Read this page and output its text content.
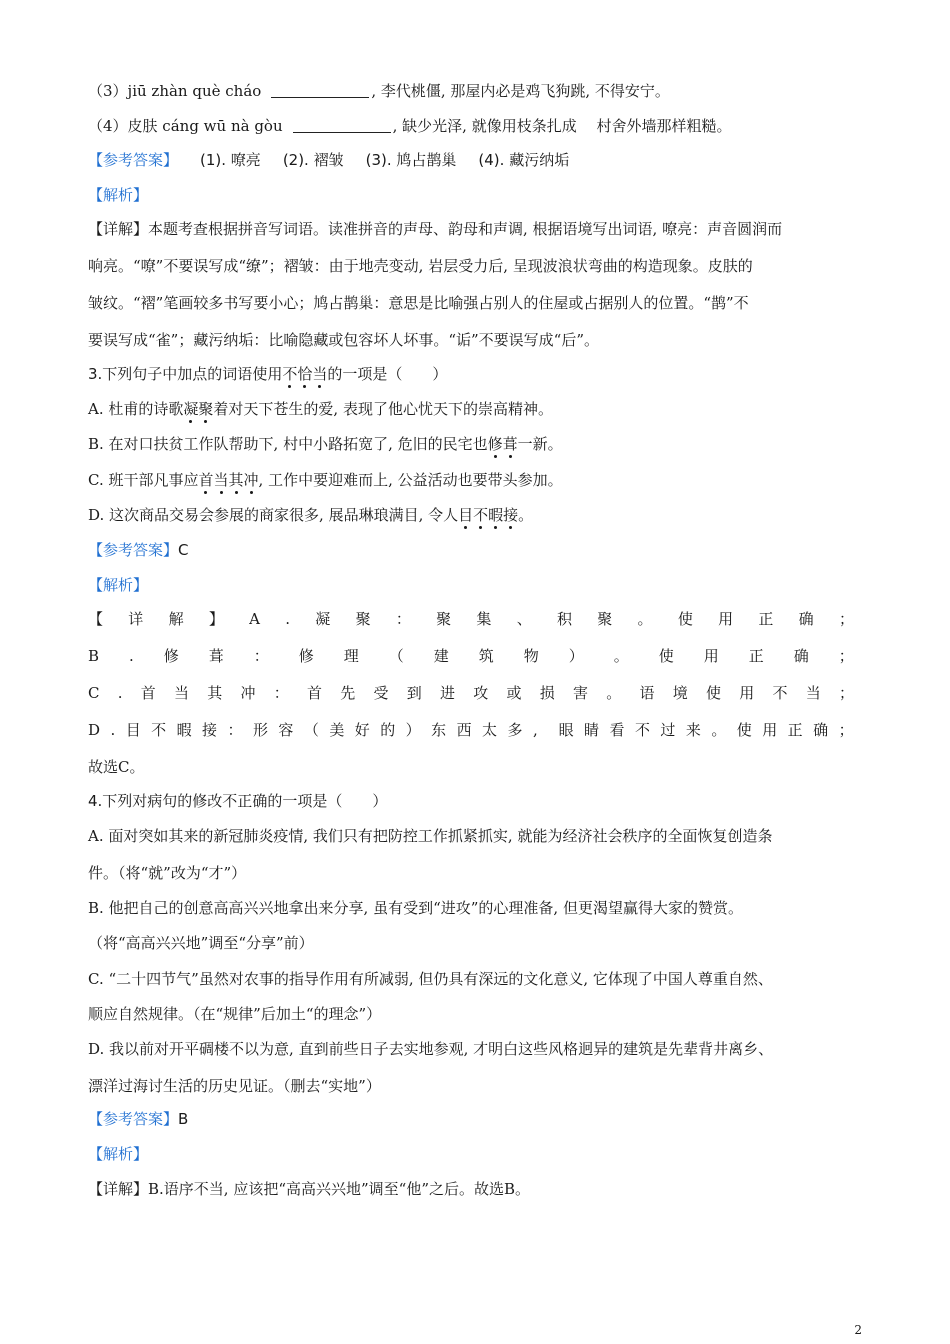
（3）jiū zhàn què cháo	, 李代桃僵, 那屋内必是鸡飞狗跳, 不得安宁。
（4）皮肤 cáng wū nà gòu	, 缺少光泽, 就像用枝条扎成 　村舍外墙那样粗糙。
【参考答案】 (1). 嘹亮 (2). 褶皱 (3). 鸠占鹊巢 (4). 藏污纳垢
【解析】
【详解】本题考查根据拼音写词语。读准拼音的声母、韵母和声调, 根据语境写出词语, 嘹亮：声音圆润而
响亮。“嘹”不要误写成“缭”；褶皱：由于地壳变动, 岩层受力后, 呈现波浪状弯曲的构造现象。皮肤的
皱纹。“褶”笔画较多书写要小心；鸠占鹊巢：意思是比喻强占别人的住屋或占据别人的位置。“鹊”不
要误写成“雀”；藏污纳垢：比喻隐藏或包容坏人坏事。“诟”不要误写成“后”。
3.下列句子中加点的词语使用不恰当的一项是（　　）
A. 杜甫的诗歌凝聚着对天下苍生的爱, 表现了他心忧天下的崇高精神。
B. 在对口扶贫工作队帮助下, 村中小路拓宽了, 危旧的民宅也修葺一新。
C. 班干部凡事应首当其冲, 工作中要迎难而上, 公益活动也要带头参加。
D. 这次商品交易会参展的商家很多, 展品琳琅满目, 令人目不暇接。
【参考答案】C
【解析】
【 详 解 】 A . 凝 聚 ： 聚 集 、 积 聚 。 使 用 正 确 ；
B . 修 葺 ： 修 理 （ 建 筑 物 ） 。 使 用 正 确 ；
C . 首 当 其 冲 ： 首 先 受 到 进 攻 或 损 害 。 语 境 使 用 不 当 ；
D . 目 不 暇 接 ： 形 容 （ 美 好 的 ） 东 西 太 多 , 眼 睛 看 不 过 来 。 使 用 正 确 ；
故选C。
4.下列对病句的修改不正确的一项是（　　）
A. 面对突如其来的新冠肺炎疫情, 我们只有把防控工作抓紧抓实, 就能为经济社会秩序的全面恢复创造条
件。（将“就”改为“才”）
B. 他把自己的创意高高兴兴地拿出来分享, 虽有受到“进攻”的心理准备, 但更渴望赢得大家的赞赏。
（将“高高兴兴地”调至“分享”前）
C. “二十四节气”虽然对农事的指导作用有所减弱, 但仍具有深远的文化意义, 它体现了中国人尊重自然、
顺应自然规律。（在“规律”后加土“的理念”）
D. 我以前对开平碉楼不以为意, 直到前些日子去实地参观, 才明白这些风格迥异的建筑是先辈背井离乡、
漂洋过海讨生活的历史见证。（删去“实地”）
【参考答案】B
【解析】
【详解】B.语序不当, 应该把“高高兴兴地”调至“他”之后。故选B。
2
